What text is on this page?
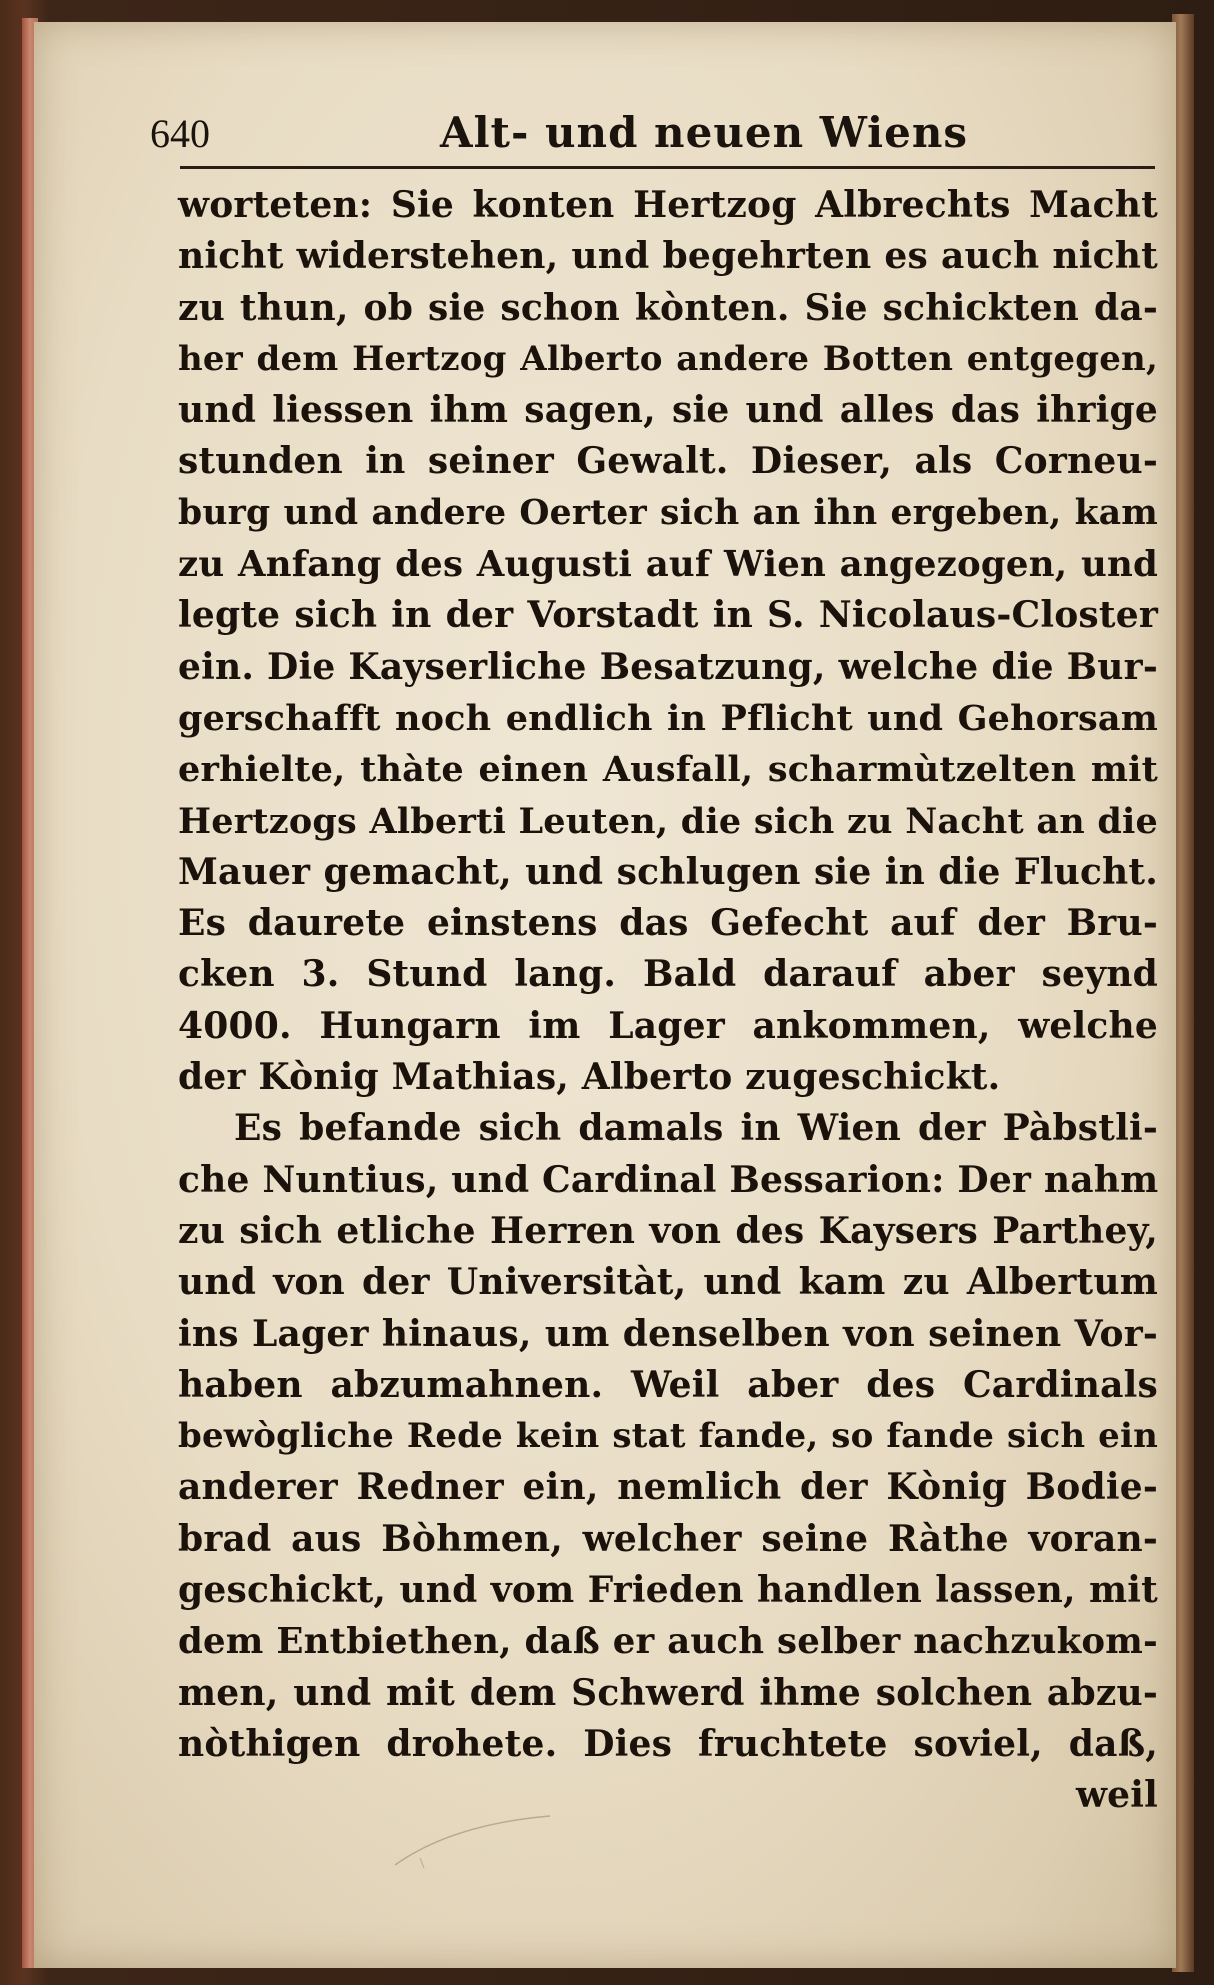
640	Alt- und neuen Wiens
worteten: Sie konten Hertzog Albrechts Macht
nicht widerstehen, und begehrten es auch nicht
zu thun, ob sie schon kònten. Sie schickten da-
her dem Hertzog Alberto andere Botten entgegen,
und liessen ihm sagen, sie und alles das ihrige
stunden in seiner Gewalt. Dieser, als Corneu-
burg und andere Oerter sich an ihn ergeben, kam
zu Anfang des Augusti auf Wien angezogen, und
legte sich in der Vorstadt in S. Nicolaus-Closter
ein. Die Kayserliche Besatzung, welche die Bur-
gerschafft noch endlich in Pflicht und Gehorsam
erhielte, thàte einen Ausfall, scharmùtzelten mit
Hertzogs Alberti Leuten, die sich zu Nacht an die
Mauer gemacht, und schlugen sie in die Flucht.
Es daurete einstens das Gefecht auf der Bru-
cken 3. Stund lang. Bald darauf aber seynd
4000. Hungarn im Lager ankommen, welche
der Kònig Mathias, Alberto zugeschickt.
Es befande sich damals in Wien der Pàbstli-
che Nuntius, und Cardinal Bessarion: Der nahm
zu sich etliche Herren von des Kaysers Parthey,
und von der Universitàt, und kam zu Albertum
ins Lager hinaus, um denselben von seinen Vor-
haben abzumahnen. Weil aber des Cardinals
bewògliche Rede kein stat fande, so fande sich ein
anderer Redner ein, nemlich der Kònig Bodie-
brad aus Bòhmen, welcher seine Ràthe voran-
geschickt, und vom Frieden handlen lassen, mit
dem Entbiethen, daß er auch selber nachzukom-
men, und mit dem Schwerd ihme solchen abzu-
nòthigen drohete. Dies fruchtete soviel, daß,
weil
